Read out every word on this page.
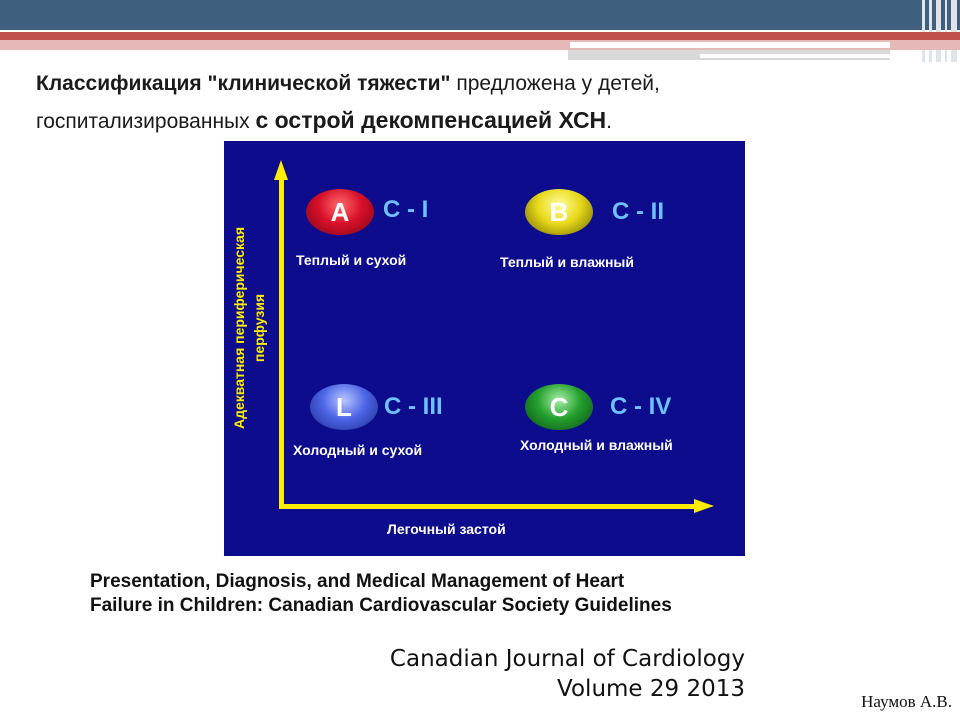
Классификация "клинической тяжести" предложена у детей,
госпитализированных с острой декомпенсацией ХСН.
Адекватная периферическая перфузия
A	C - I
Теплый и сухой
B	C - II
Теплый и влажный
L	C - III
Холодный и сухой
C	C - IV
Холодный и влажный
Легочный застой
Presentation, Diagnosis, and Medical Management of Heart
Failure in Children: Canadian Cardiovascular Society Guidelines
Canadian Journal of Cardiology
Volume 29 2013	Наумов А.В.
